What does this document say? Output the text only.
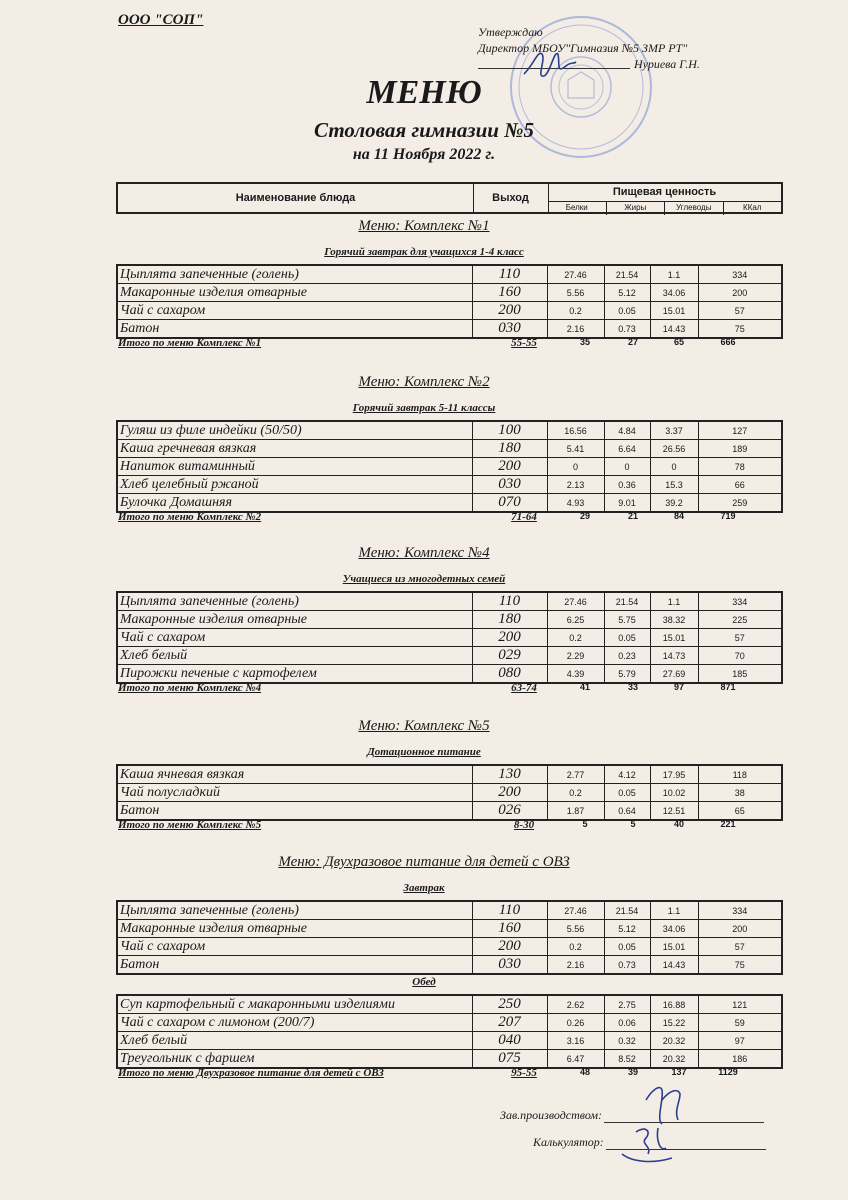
ООО "СОП"
Утверждаю
Директор МБОУ"Гимназия №5 ЗМР РТ"
Нуриева Г.Н.
МЕНЮ
Столовая гимназии №5
на 11 Ноября 2022 г.
Наименование блюда	Выход	Пищевая ценность
Белки	Жиры	Углеводы	ККал
Меню: Комплекс №1
Горячий завтрак для учащихся 1-4 класс
Цыплята запеченные (голень)	110	27.46	21.54	1.1	334
Макаронные изделия отварные	160	5.56	5.12	34.06	200
Чай с сахаром	200	0.2	0.05	15.01	57
Батон	030	2.16	0.73	14.43	75
Итого по меню Комплекс №1	55-55	35	27	65	666
Меню: Комплекс №2
Горячий завтрак 5-11 классы
Гуляш из филе индейки (50/50)	100	16.56	4.84	3.37	127
Каша гречневая вязкая	180	5.41	6.64	26.56	189
Напиток витаминный	200	0	0	0	78
Хлеб целебный ржаной	030	2.13	0.36	15.3	66
Булочка Домашняя	070	4.93	9.01	39.2	259
Итого по меню Комплекс №2	71-64	29	21	84	719
Меню: Комплекс №4
Учащиеся из многодетных семей
Цыплята запеченные (голень)	110	27.46	21.54	1.1	334
Макаронные изделия отварные	180	6.25	5.75	38.32	225
Чай с сахаром	200	0.2	0.05	15.01	57
Хлеб белый	029	2.29	0.23	14.73	70
Пирожки печеные с картофелем	080	4.39	5.79	27.69	185
Итого по меню Комплекс №4	63-74	41	33	97	871
Меню: Комплекс №5
Дотационное питание
Каша ячневая вязкая	130	2.77	4.12	17.95	118
Чай полусладкий	200	0.2	0.05	10.02	38
Батон	026	1.87	0.64	12.51	65
Итого по меню Комплекс №5	8-30	5	5	40	221
Меню: Двухразовое питание для детей с ОВЗ
Завтрак
Цыплята запеченные (голень)	110	27.46	21.54	1.1	334
Макаронные изделия отварные	160	5.56	5.12	34.06	200
Чай с сахаром	200	0.2	0.05	15.01	57
Батон	030	2.16	0.73	14.43	75
Обед
Суп картофельный с макаронными изделиями	250	2.62	2.75	16.88	121
Чай с сахаром с лимоном (200/7)	207	0.26	0.06	15.22	59
Хлеб белый	040	3.16	0.32	20.32	97
Треугольник с фаршем	075	6.47	8.52	20.32	186
Итого по меню Двухразовое питание для детей с ОВЗ	95-55	48	39	137	1129
Зав.производством:
Калькулятор:
